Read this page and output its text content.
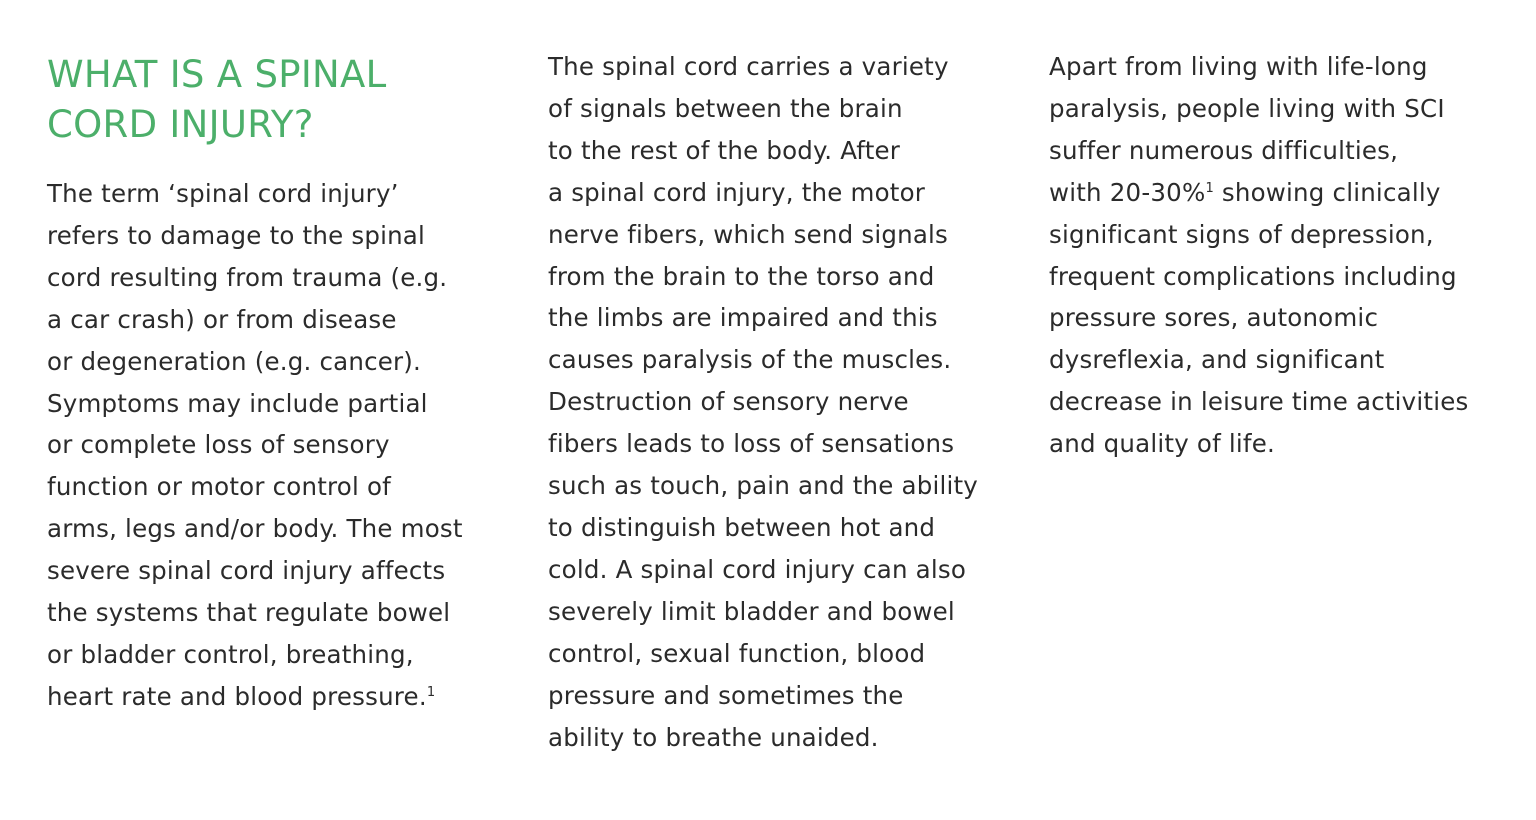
WHAT IS A SPINAL
CORD INJURY?

The term ‘spinal cord injury’
refers to damage to the spinal
cord resulting from trauma (e.g.
a car crash) or from disease
or degeneration (e.g. cancer).
Symptoms may include partial
or complete loss of sensory
function or motor control of
arms, legs and/or body. The most
severe spinal cord injury affects
the systems that regulate bowel
or bladder control, breathing,
heart rate and blood pressure.$^1$

The spinal cord carries a variety
of signals between the brain
to the rest of the body. After
a spinal cord injury, the motor
nerve fibers, which send signals
from the brain to the torso and
the limbs are impaired and this
causes paralysis of the muscles.
Destruction of sensory nerve
fibers leads to loss of sensations
such as touch, pain and the ability
to distinguish between hot and
cold. A spinal cord injury can also
severely limit bladder and bowel
control, sexual function, blood
pressure and sometimes the
ability to breathe unaided.

Apart from living with life-long
paralysis, people living with SCI
suffer numerous difficulties,
with 20-30%$^1$ showing clinically
significant signs of depression,
frequent complications including
pressure sores, autonomic
dysreflexia, and significant
decrease in leisure time activities
and quality of life.
